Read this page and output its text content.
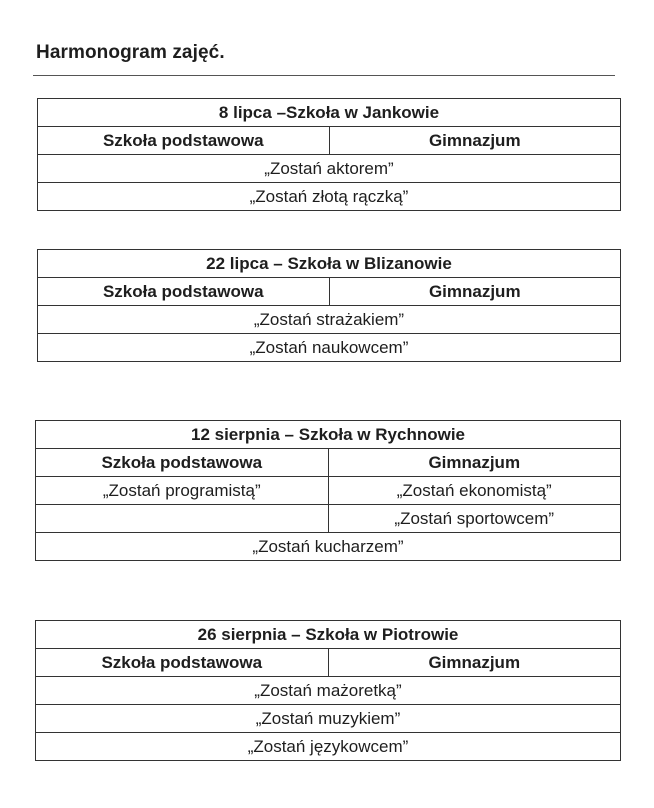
Harmonogram zajęć.
8 lipca –Szkoła w Jankowie
Szkoła podstawowa	Gimnazjum
„Zostań aktorem”
„Zostań złotą rączką”
22 lipca – Szkoła w Blizanowie
Szkoła podstawowa	Gimnazjum
„Zostań strażakiem”
„Zostań naukowcem”
12 sierpnia – Szkoła w Rychnowie	
Szkoła podstawowa	Gimnazjum
„Zostań programistą”	„Zostań ekonomistą”
	„Zostań sportowcem”
„Zostań kucharzem”	
26 sierpnia – Szkoła w Piotrowie
Szkoła podstawowa	Gimnazjum
„Zostań mażoretką”
„Zostań muzykiem”
„Zostań językowcem”
